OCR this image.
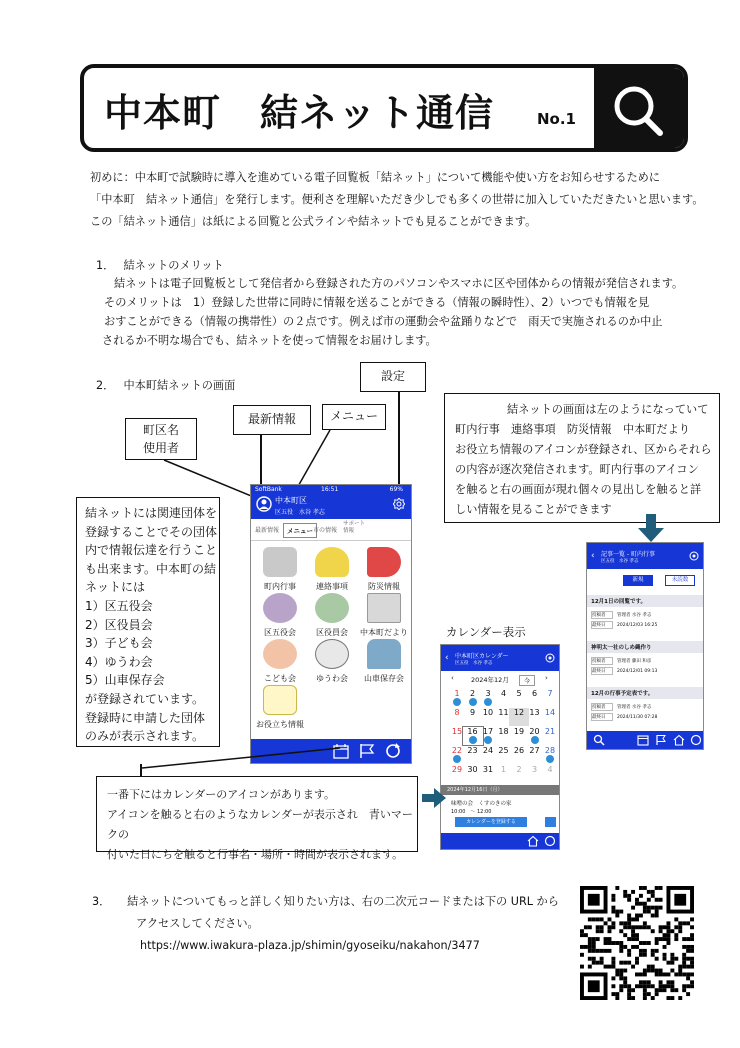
中本町　結ネット通信	No.1
初めに：中本町で試験時に導入を進めている電子回覧板「結ネット」について機能や使い方をお知らせするために
「中本町　結ネット通信」を発行します。便利さを理解いただき少しでも多くの世帯に加入していただきたいと思います。
この「結ネット通信」は紙による回覧と公式ラインや結ネットでも見ることができます。
1．　 結ネットのメリット
結ネットは電子回覧板として発信者から登録された方のパソコンやスマホに区や団体からの情報が発信されます。
そのメリットは　1）登録した世帯に同時に情報を送ることができる（情報の瞬時性）、2）いつでも情報を見
おすことができる（情報の携帯性）の２点です。例えば市の運動会や盆踊りなどで　雨天で実施されるのか中止
されるか不明な場合でも、結ネットを使って情報をお届けします。
2．　 中本町結ネットの画面
設定
最新情報	メニュー
町区名
使用者
結ネットの画面は左のようになっていて
町内行事　連絡事項　防災情報　中本町だより
お役立ち情報のアイコンが登録され、区からそれら
の内容が逐次発信されます。町内行事のアイコン
を触ると右の画面が現れ個々の見出しを触ると詳
しい情報を見ることができます
結ネットには関連団体を
登録することでその団体
内で情報伝達を行うこと
も出来ます。中本町の結
ネットには
1）区五役会
2）区役員会
3）子ども会
4）ゆうわ会
5）山車保存会
が登録されています。
登録時に申請した団体
のみが表示されます。
SoftBank	16:51	69%
中本町区
区五役　水谷 孝志
最新情報	メニュー 市の情報
サポート情報
町内行事	連絡事項	防災情報
区五役会	区役員会	中本町だより
こども会	ゆうわ会	山車保存会
お役立ち情報
‹ 記事一覧 - 町内行事
区五役　水谷 孝志
新規	未読数
12月1日の回覧です。
投稿者	管理者 水谷 孝志
最終日	2024/12/03 16:25
神明太一社のしめ縄作り
投稿者	管理者 藤田 和彦
最終日	2024/12/01 09:13
12月の行事予定表です。
投稿者	管理者 水谷 孝志
最終日	2024/11/30 07:28
カレンダー表示
‹ 中本町区カレンダー
区五役　水谷 孝志
‹	2024年12月	今	›
1	2	3	4	5	6	7
8	9 10 11 12 13 14
15 16 17 18 19 20 21
22 23 24 25 26 27 28
29 30 31 1	2	3	4
2024年12月16日（月）
味噌の会　くすのきの家
10:00　～ 12:00
カレンダーを登録する
一番下にはカレンダーのアイコンがあります。
アイコンを触ると右のようなカレンダーが表示され　青いマークの
付いた日にちを触ると行事名・場所・時間が表示されます。
3．　　結ネットについてもっと詳しく知りたい方は、右の二次元コードまたは下の URL から
アクセスしてください。
https://www.iwakura-plaza.jp/shimin/gyoseiku/nakahon/3477
